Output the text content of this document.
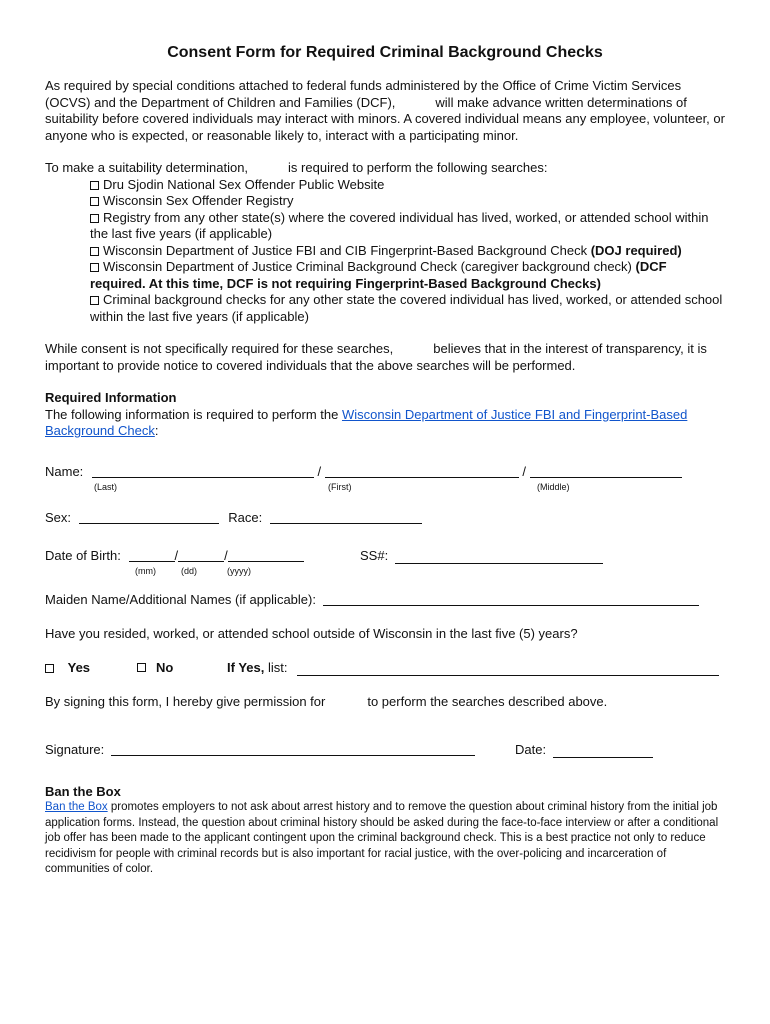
Consent Form for Required Criminal Background Checks

As required by special conditions attached to federal funds administered by the Office of Crime Victim Services (OCVS) and the Department of Children and Families (DCF),	will make advance written determinations of suitability before covered individuals may interact with minors. A covered individual means any employee, volunteer, or anyone who is expected, or reasonable likely to, interact with a participating minor.

To make a suitability determination,	is required to perform the following searches:

Dru Sjodin National Sex Offender Public Website
Wisconsin Sex Offender Registry
Registry from any other state(s) where the covered individual has lived, worked, or attended school within the last five years (if applicable)
Wisconsin Department of Justice FBI and CIB Fingerprint-Based Background Check (DOJ required)
Wisconsin Department of Justice Criminal Background Check (caregiver background check) (DCF required. At this time, DCF is not requiring Fingerprint-Based Background Checks)
Criminal background checks for any other state the covered individual has lived, worked, or attended school within the last five years (if applicable)

While consent is not specifically required for these searches,	believes that in the interest of transparency, it is important to provide notice to covered individuals that the above searches will be performed.

Required Information

The following information is required to perform the Wisconsin Department of Justice FBI and Fingerprint-Based Background Check:

Name:	/	/
(Last)	(First)	(Middle)
Sex:	Race:
Date of Birth:	/	/	SS#:
(mm)	(dd)	(yyyy)
Maiden Name/Additional Names (if applicable):
Have you resided, worked, or attended school outside of Wisconsin in the last five (5) years?
Yes	No	If Yes, list:
By signing this form, I hereby give permission for	to perform the searches described above.
Signature:	Date:

Ban the Box

Ban the Box promotes employers to not ask about arrest history and to remove the question about criminal history from the initial job application forms. Instead, the question about criminal history should be asked during the face-to-face interview or after a conditional job offer has been made to the applicant contingent upon the criminal background check. This is a best practice not only to reduce recidivism for people with criminal records but is also important for racial justice, with the over-policing and incarceration of communities of color.
